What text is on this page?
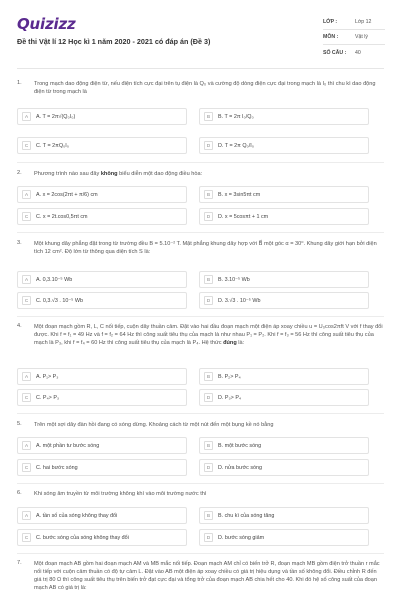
Quizizz
Đề thi Vật lí 12 Học kì 1 năm 2020 - 2021 có đáp án (Đề 3)
LỚP :	Lớp 12
MÔN :	Vật lý
SỐ CÂU :	40
1. Trong mạch dao động điện từ, nếu điện tích cực đại trên tụ điện là Q₀ và cường độ dòng điện cực đại trong mạch là I₀ thì chu kì dao động điện từ trong mạch là
A	A. T = 2π√(Q₀I₀)	B	B. T = 2π I₀/Q₀
C	C. T = 2πQ₀I₀	D	D. T = 2π Q₀/I₀
2. Phương trình nào sau đây không biểu diễn một dao động điều hòa:
A	A. x = 2cos(2πt + π/6) cm	B	B. x = 3sin5πt cm
C	C. x = 2t.cos0,5πt cm	D	D. x = 5cosπt + 1 cm
3. Một khung dây phẳng đặt trong từ trường đều B = 5.10⁻² T. Mặt phẳng khung dây hợp với B⃗ một góc α = 30⁰. Khung dây giới hạn bởi diện tích 12 cm². Độ lớn từ thông qua diện tích S là:
A	A. 0,3.10⁻⁵ Wb	B	B. 3.10⁻⁵ Wb
C	C. 0,3.√3 . 10⁻⁵ Wb	D	D. 3.√3 . 10⁻⁵ Wb
4. Một đoạn mạch gồm R, L, C nối tiếp, cuộn dây thuần cảm. Đặt vào hai đầu đoạn mạch một điện áp xoay chiều u = U₀cos2πft V với f thay đổi được. Khi f = f₁ = 49 Hz và f = f₂ = 64 Hz thì công suất tiêu thụ của mạch là như nhau P₁ = P₂. Khi f = f₃ = 56 Hz thì công suất tiêu thụ của mạch là P₃, khi f = f₄ = 60 Hz thì công suất tiêu thụ của mạch là P₄. Hệ thức đúng là:
A	A. P₁> P₃	B	B. P₂> P₄
C	C. P₄> P₃	D	D. P₃> P₄
5. Trên một sợi dây đàn hồi đang có sóng dừng. Khoảng cách từ một nút đến một bụng kề nó bằng
A	A. một phần tư bước sóng	B	B. một bước sóng
C	C. hai bước sóng	D	D. nửa bước sóng
6. Khi sóng âm truyền từ môi trường không khí vào môi trường nước thì
A	A. tần số của sóng không thay đổi	B	B. chu kì của sóng tăng
C	C. bước sóng của sóng không thay đổi	D	D. bước sóng giảm
7. Một đoạn mạch AB gồm hai đoạn mạch AM và MB mắc nối tiếp. Đoạn mạch AM chỉ có biến trở R, đoạn mạch MB gồm điện trở thuần r mắc nối tiếp với cuộn cảm thuần có độ tự cảm L. Đặt vào AB một điện áp xoay chiều có giá trị hiệu dụng và tần số không đổi. Điều chỉnh R đến giá trị 80 Ω thì công suất tiêu thụ trên biến trở đạt cực đại và tổng trở của đoạn mạch AB chia hết cho 40. Khi đó hệ số công suất của đoạn mạch AB có giá trị là:
